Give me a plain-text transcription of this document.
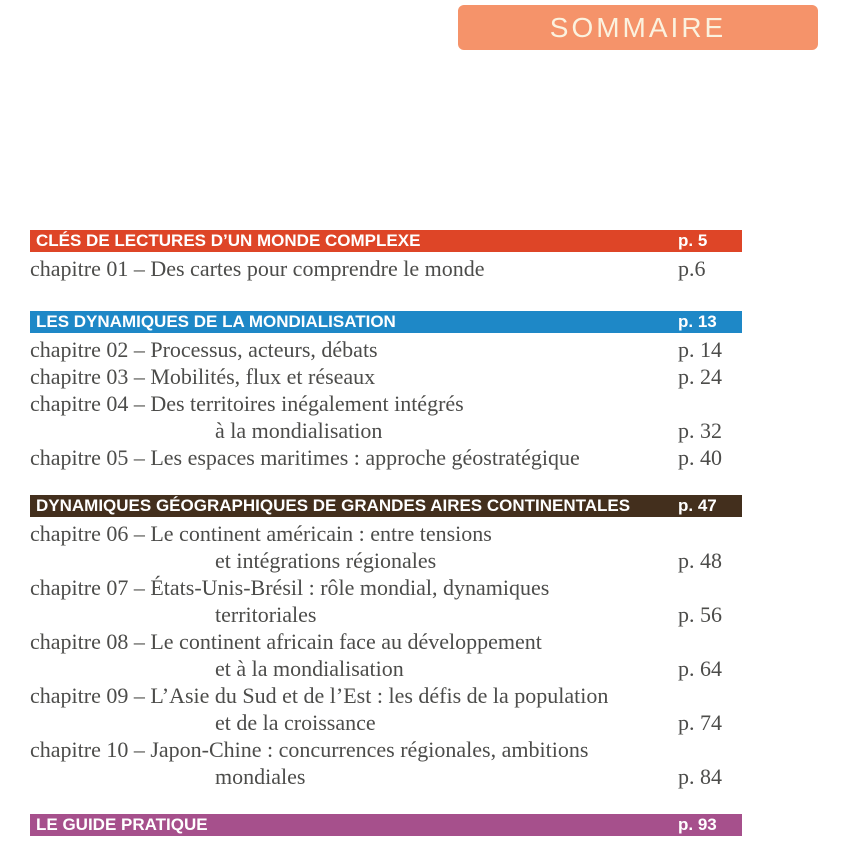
SOMMAIRE
CLÉS DE LECTURES D’UN MONDE COMPLEXE	p. 5
chapitre 01 – Des cartes pour comprendre le monde	p.6
LES DYNAMIQUES DE LA MONDIALISATION	p. 13
chapitre 02 – Processus, acteurs, débats	p. 14
chapitre 03 – Mobilités, flux et réseaux	p. 24
chapitre 04 – Des territoires inégalement intégrés
à la mondialisation	p. 32
chapitre 05 – Les espaces maritimes : approche géostratégique	p. 40
DYNAMIQUES GÉOGRAPHIQUES DE GRANDES AIRES CONTINENTALES	p. 47
chapitre 06 – Le continent américain : entre tensions
et intégrations régionales	p. 48
chapitre 07 – États-Unis-Brésil : rôle mondial, dynamiques
territoriales	p. 56
chapitre 08 – Le continent africain face au développement
et à la mondialisation	p. 64
chapitre 09 – L’Asie du Sud et de l’Est : les défis de la population
et de la croissance	p. 74
chapitre 10 – Japon-Chine : concurrences régionales, ambitions
mondiales	p. 84
LE GUIDE PRATIQUE	p. 93
